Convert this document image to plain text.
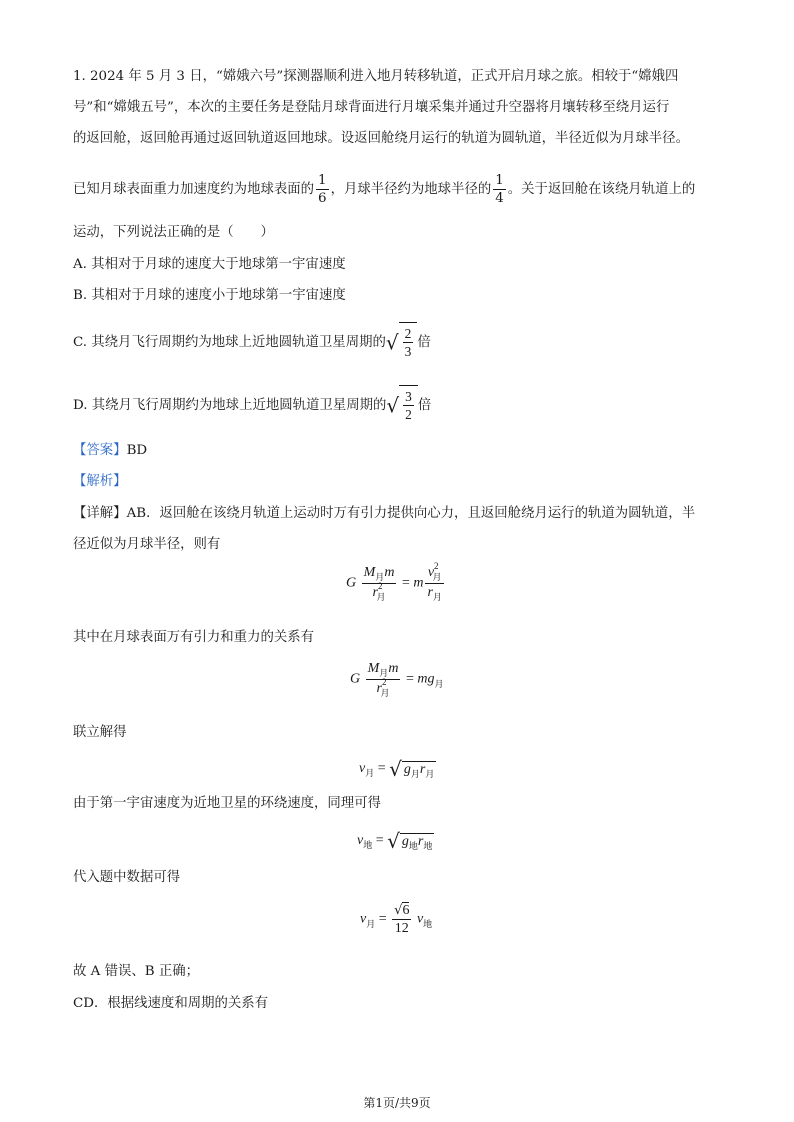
1. 2024 年 5 月 3 日，“嫦娥六号”探测器顺利进入地月转移轨道，正式开启月球之旅。相较于“嫦娥四
号”和“嫦娥五号”，本次的主要任务是登陆月球背面进行月壤采集并通过升空器将月壤转移至绕月运行
的返回舱，返回舱再通过返回轨道返回地球。设返回舱绕月运行的轨道为圆轨道，半径近似为月球半径。
已知月球表面重力加速度约为地球表面的 $\frac{1}{6}$ ，月球半径约为地球半径的 $\frac{1}{4}$ 。关于返回舱在该绕月轨道上的
运动，下列说法正确的是（　　）
A. 其相对于月球的速度大于地球第一宇宙速度
B. 其相对于月球的速度小于地球第一宇宙速度
C. 其绕月飞行周期约为地球上近地圆轨道卫星周期的√ $\frac{2}{3}$ 倍
D. 其绕月飞行周期约为地球上近地圆轨道卫星周期的√ $\frac{3}{2}$ 倍
【答案】BD
【解析】
【详解】AB．返回舱在该绕月轨道上运动时万有引力提供向心力，且返回舱绕月运行的轨道为圆轨道，半
径近似为月球半径，则有
G $\frac{M_月m}{r^2_月} = m \frac{v^2_月}{r_月}$
其中在月球表面万有引力和重力的关系有
G $\frac{M_月m}{r^2_月} = mg_月$
联立解得
$v_月$ = √ $g_月r_月$
由于第一宇宙速度为近地卫星的环绕速度，同理可得
$v_地$ = √ $g_地r_地$
代入题中数据可得
$v_月 = \frac{√6}{12} v_地$
故 A 错误、B 正确；
CD．根据线速度和周期的关系有
第1页/共9页
